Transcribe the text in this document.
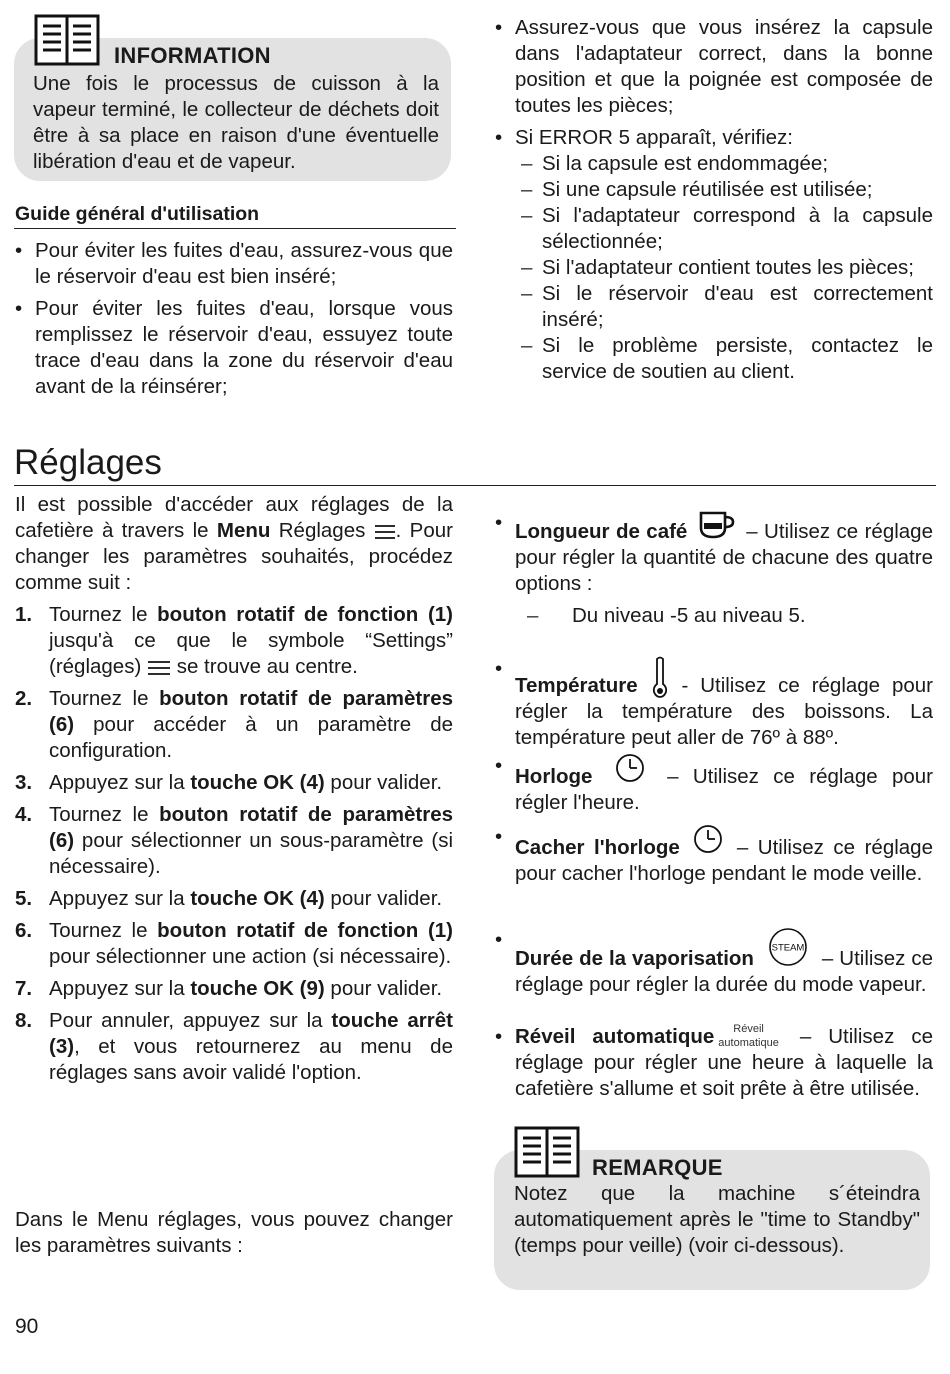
INFORMATION
Une fois le processus de cuisson à la vapeur terminé, le collecteur de déchets doit être à sa place en raison d'une éventuelle libération d'eau et de vapeur.
Guide général d'utilisation
• Pour éviter les fuites d'eau, assurez-vous que le réservoir d'eau est bien inséré;
• Pour éviter les fuites d'eau, lorsque vous remplissez le réservoir d'eau, essuyez toute trace d'eau dans la zone du réservoir d'eau avant de la réinsérer;
• Assurez-vous que vous insérez la capsule dans l'adaptateur correct, dans la bonne position et que la poignée est composée de toutes les pièces;
• Si ERROR 5 apparaît, vérifiez:
– Si la capsule est endommagée;
– Si une capsule réutilisée est utilisée;
– Si l'adaptateur correspond à la capsule sélectionnée;
– Si l'adaptateur contient toutes les pièces;
– Si le réservoir d'eau est correctement inséré;
– Si le problème persiste, contactez le service de soutien au client.
Réglages
Il est possible d'accéder aux réglages de la cafetière à travers le Menu Réglages . Pour changer les paramètres souhaités, procédez comme suit :
1. Tournez le bouton rotatif de fonction (1) jusqu'à ce que le symbole “Settings” (réglages)  se trouve au centre.
2. Tournez le bouton rotatif de paramètres (6) pour accéder à un paramètre de configuration.
3. Appuyez sur la touche OK (4) pour valider.
4. Tournez le bouton rotatif de paramètres (6) pour sélectionner un sous-paramètre (si nécessaire).
5. Appuyez sur la touche OK (4) pour valider.
6. Tournez le bouton rotatif de fonction (1) pour sélectionner une action (si nécessaire).
7. Appuyez sur la touche OK (9) pour valider.
8. Pour annuler, appuyez sur la touche arrêt (3), et vous retournerez au menu de réglages sans avoir validé l'option.
Dans le Menu réglages, vous pouvez changer les paramètres suivants :
• Longueur de café	– Utilisez ce réglage pour régler la quantité de chacune des quatre options :
– Du niveau -5 au niveau 5.
• Température  - Utilisez ce réglage pour régler la température des boissons. La température peut aller de 76º à 88º.
• Horloge	– Utilisez ce réglage pour régler l'heure.
• Cacher l'horloge  – Utilisez ce réglage pour cacher l'horloge pendant le mode veille.
• Durée de la vaporisation STEAM – Utilisez ce réglage pour régler la durée du mode vapeur.
• Réveil automatique	Réveil
automatique – Utilisez ce réglage pour régler une heure à laquelle la cafetière s'allume et soit prête à être utilisée.
REMARQUE
Notez que la machine s´éteindra automatiquement après le "time to Standby" (temps pour veille) (voir ci-dessous).
90
